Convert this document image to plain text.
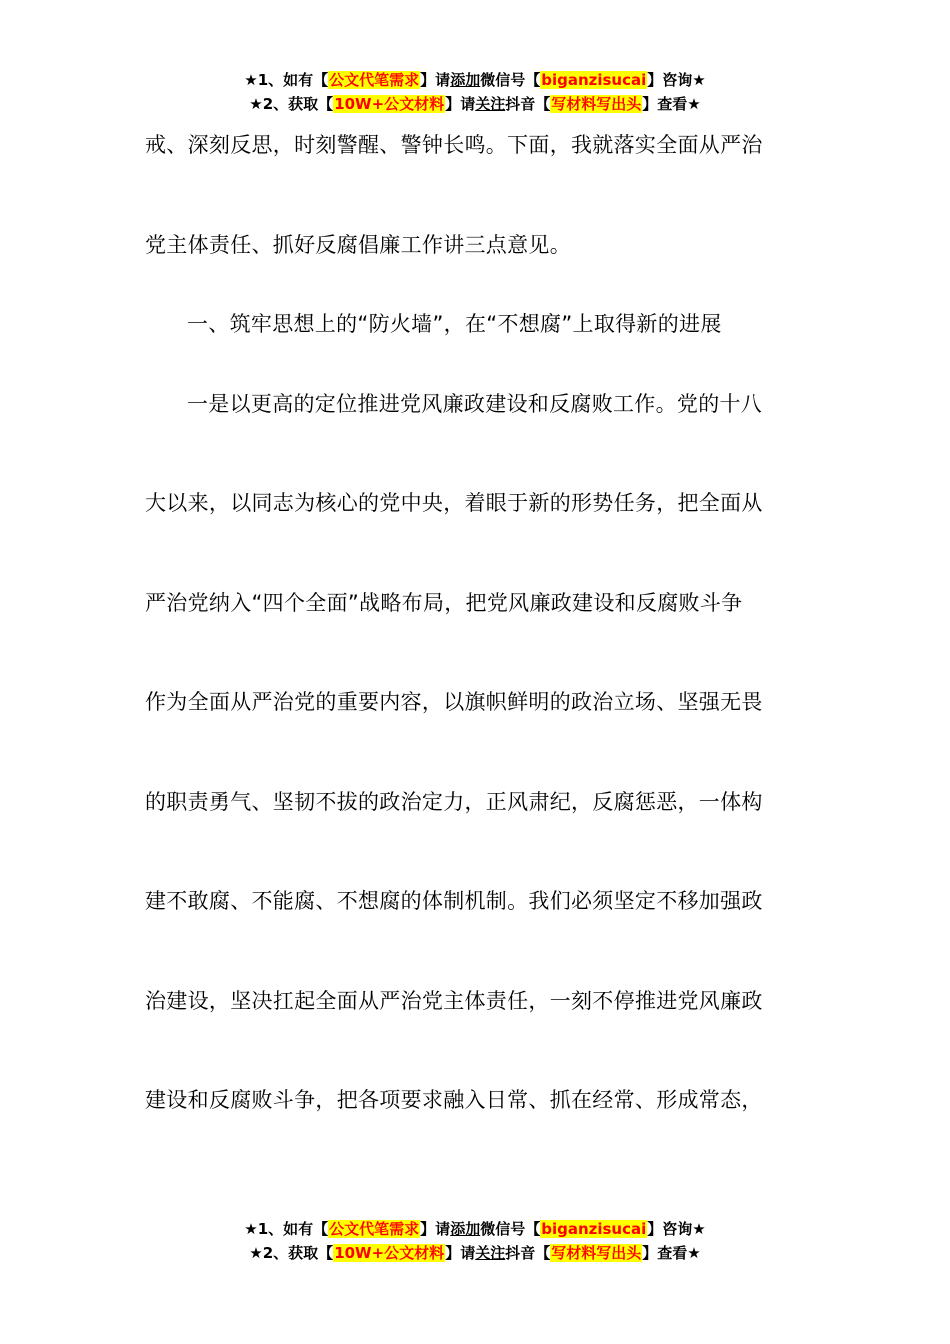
★1、如有【公文代笔需求】请添加微信号【biganzisucai】咨询★
★2、获取【10W+公文材料】请关注抖音【写材料写出头】查看★
戒、深刻反思，时刻警醒、警钟长鸣。下面，我就落实全面从严治
党主体责任、抓好反腐倡廉工作讲三点意见。
一、筑牢思想上的“防火墙”，在“不想腐”上取得新的进展
一是以更高的定位推进党风廉政建设和反腐败工作。党的十八
大以来，以同志为核心的党中央，着眼于新的形势任务，把全面从
严治党纳入“四个全面”战略布局，把党风廉政建设和反腐败斗争
作为全面从严治党的重要内容，以旗帜鲜明的政治立场、坚强无畏
的职责勇气、坚韧不拔的政治定力，正风肃纪，反腐惩恶，一体构
建不敢腐、不能腐、不想腐的体制机制。我们必须坚定不移加强政
治建设，坚决扛起全面从严治党主体责任，一刻不停推进党风廉政
建设和反腐败斗争，把各项要求融入日常、抓在经常、形成常态，
★1、如有【公文代笔需求】请添加微信号【biganzisucai】咨询★
★2、获取【10W+公文材料】请关注抖音【写材料写出头】查看★
